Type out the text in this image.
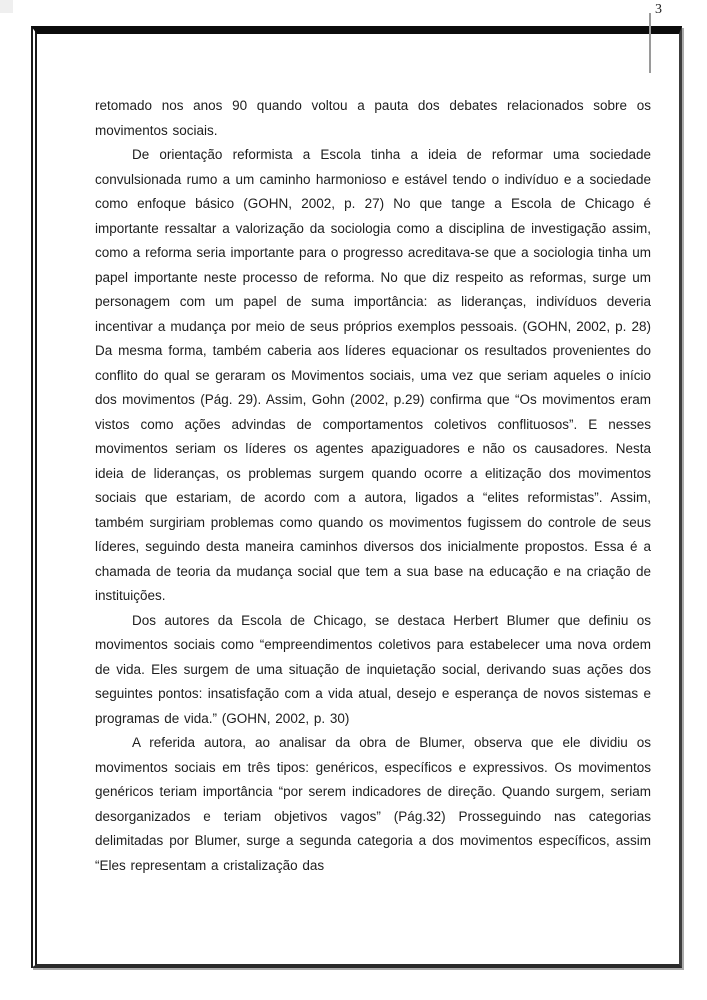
3

retomado nos anos 90 quando voltou a pauta dos debates relacionados sobre os movimentos sociais.

De orientação reformista a Escola tinha a ideia de reformar uma sociedade convulsionada rumo a um caminho harmonioso e estável tendo o indivíduo e a sociedade como enfoque básico (GOHN, 2002, p. 27) No que tange a Escola de Chicago é importante ressaltar a valorização da sociologia como a disciplina de investigação assim, como a reforma seria importante para o progresso acreditava-se que a sociologia tinha um papel importante neste processo de reforma. No que diz respeito as reformas, surge um personagem com um papel de suma importância: as lideranças, indivíduos deveria incentivar a mudança por meio de seus próprios exemplos pessoais. (GOHN, 2002, p. 28) Da mesma forma, também caberia aos líderes equacionar os resultados provenientes do conflito do qual se geraram os Movimentos sociais, uma vez que seriam aqueles o início dos movimentos (Pág. 29). Assim, Gohn (2002, p.29) confirma que “Os movimentos eram vistos como ações advindas de comportamentos coletivos conflituosos”. E nesses movimentos seriam os líderes os agentes apaziguadores e não os causadores. Nesta ideia de lideranças, os problemas surgem quando ocorre a elitização dos movimentos sociais que estariam, de acordo com a autora, ligados a “elites reformistas”. Assim, também surgiriam problemas como quando os movimentos fugissem do controle de seus líderes, seguindo desta maneira caminhos diversos dos inicialmente propostos. Essa é a chamada de teoria da mudança social que tem a sua base na educação e na criação de instituições.

Dos autores da Escola de Chicago, se destaca Herbert Blumer que definiu os movimentos sociais como “empreendimentos coletivos para estabelecer uma nova ordem de vida. Eles surgem de uma situação de inquietação social, derivando suas ações dos seguintes pontos: insatisfação com a vida atual, desejo e esperança de novos sistemas e programas de vida.” (GOHN, 2002, p. 30)

A referida autora, ao analisar da obra de Blumer, observa que ele dividiu os movimentos sociais em três tipos: genéricos, específicos e expressivos. Os movimentos genéricos teriam importância “por serem indicadores de direção. Quando surgem, seriam desorganizados e teriam objetivos vagos” (Pág.32) Prosseguindo nas categorias delimitadas por Blumer, surge a segunda categoria a dos movimentos específicos, assim “Eles representam a cristalização das
